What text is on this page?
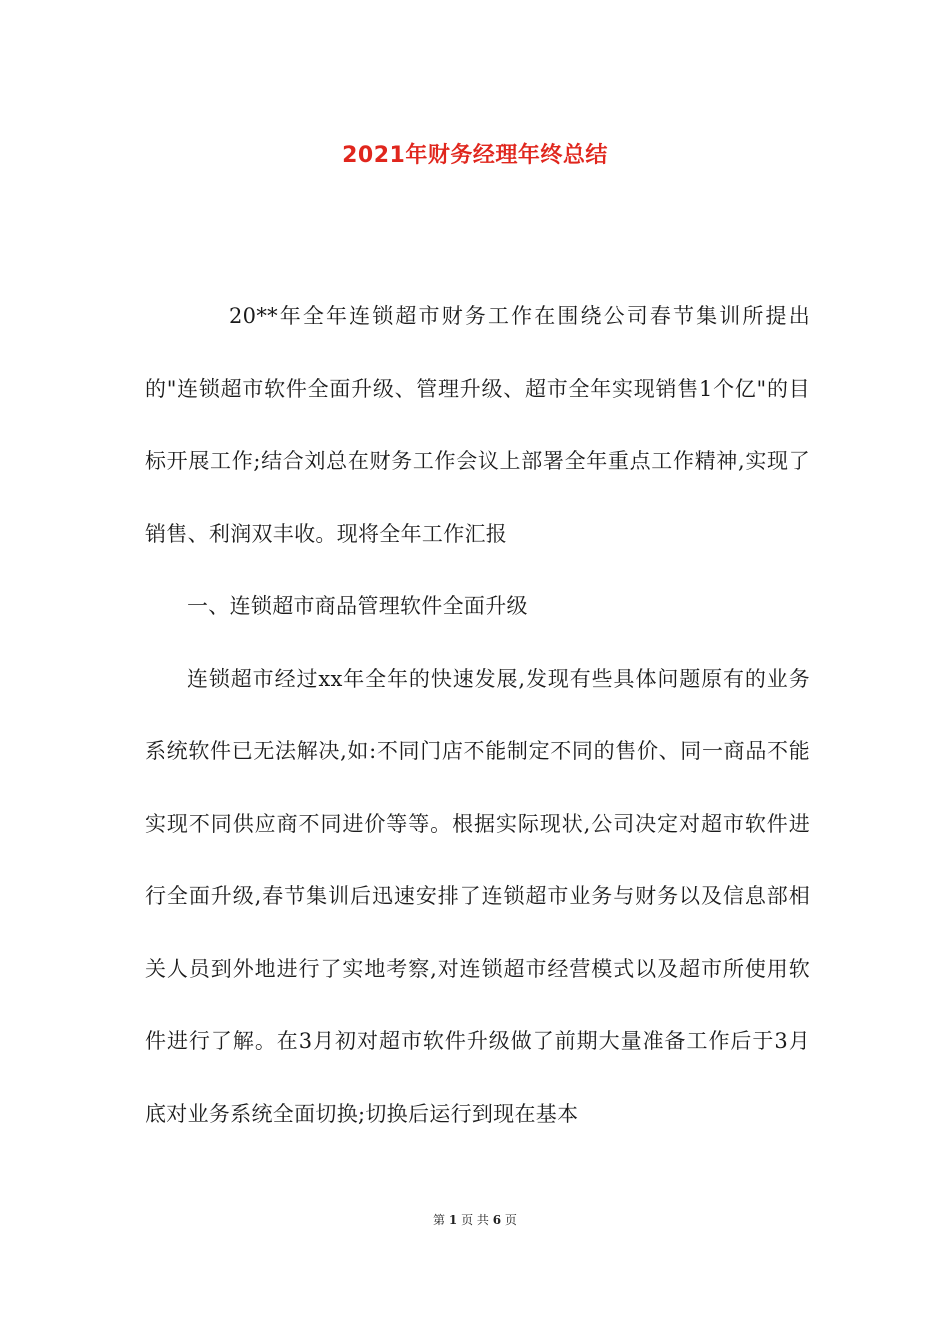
2021年财务经理年终总结

20**年全年连锁超市财务工作在围绕公司春节集训所提出的"连锁超市软件全面升级、管理升级、超市全年实现销售1个亿"的目标开展工作;结合刘总在财务工作会议上部署全年重点工作精神,实现了销售、利润双丰收。现将全年工作汇报

一、连锁超市商品管理软件全面升级

连锁超市经过xx年全年的快速发展,发现有些具体问题原有的业务系统软件已无法解决,如:不同门店不能制定不同的售价、同一商品不能实现不同供应商不同进价等等。根据实际现状,公司决定对超市软件进行全面升级,春节集训后迅速安排了连锁超市业务与财务以及信息部相关人员到外地进行了实地考察,对连锁超市经营模式以及超市所使用软件进行了解。在3月初对超市软件升级做了前期大量准备工作后于3月底对业务系统全面切换;切换后运行到现在基本

第 1 页 共 6 页
